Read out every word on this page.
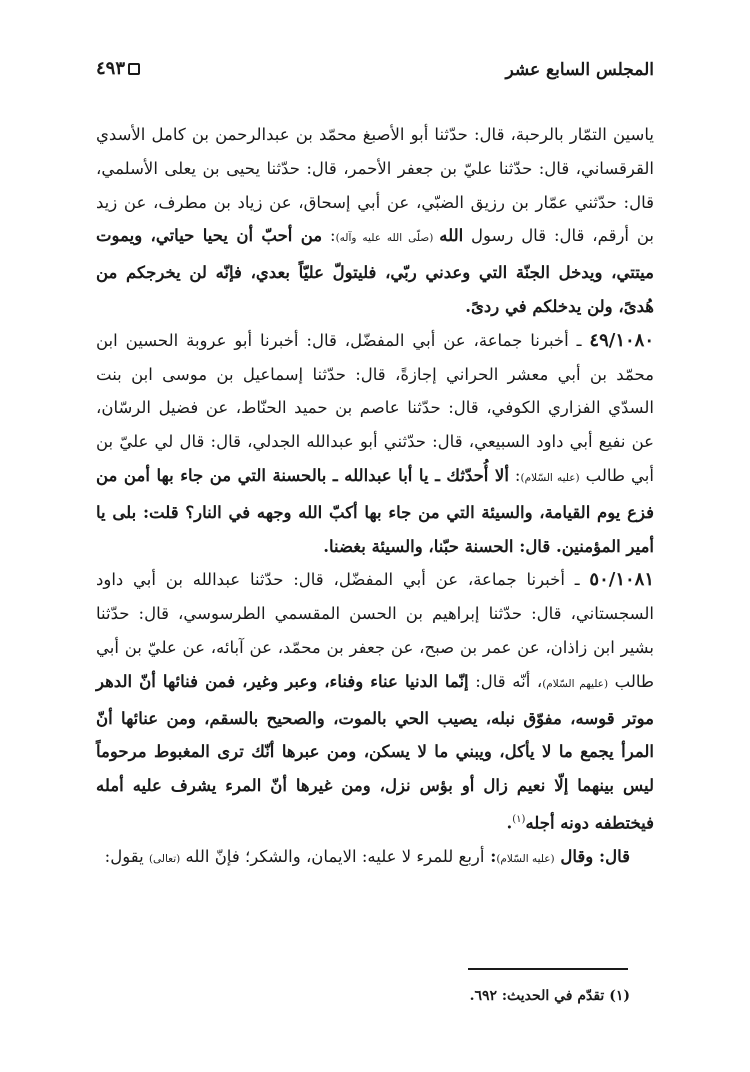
المجلس السابع عشر
٤٩٣

ياسين التمّار بالرحبة، قال: حدّثنا أبو الأصبغ محمّد بن عبدالرحمن بن كامل الأسدي القرقساني، قال: حدّثنا عليّ بن جعفر الأحمر، قال: حدّثنا يحيى بن يعلى الأسلمي، قال: حدّثني عمّار بن رزيق الضبّي، عن أبي إسحاق، عن زياد بن مطرف، عن زيد بن أرقم، قال: قال رسول الله (صلّى الله عليه وآله): من أحبّ أن يحيا حياتي، ويموت ميتتي، ويدخل الجنّة التي وعدني ربّي، فليتولّ عليّاً بعدي، فإنّه لن يخرجكم من هُدىً، ولن يدخلكم في ردىً.

٤٩/١٠٨٠ ـ أخبرنا جماعة، عن أبي المفضّل، قال: أخبرنا أبو عروبة الحسين ابن محمّد بن أبي معشر الحراني إجازةً، قال: حدّثنا إسماعيل بن موسى ابن بنت السدّي الفزاري الكوفي، قال: حدّثنا عاصم بن حميد الحنّاط، عن فضيل الرسّان، عن نفيع أبي داود السبيعي، قال: حدّثني أبو عبدالله الجدلي، قال: قال لي عليّ بن أبي طالب (عليه السّلام): ألا أُحدّثك ـ يا أبا عبدالله ـ بالحسنة التي من جاء بها أمن من فزع يوم القيامة، والسيئة التي من جاء بها أكبّ الله وجهه في النار؟ قلت: بلى يا أمير المؤمنين. قال: الحسنة حبّنا، والسيئة بغضنا.

٥٠/١٠٨١ ـ أخبرنا جماعة، عن أبي المفضّل، قال: حدّثنا عبدالله بن أبي داود السجستاني، قال: حدّثنا إبراهيم بن الحسن المقسمي الطرسوسي، قال: حدّثنا بشير ابن زاذان، عن عمر بن صبح، عن جعفر بن محمّد، عن آبائه، عن عليّ بن أبي طالب (عليهم السّلام)، أنّه قال: إنّما الدنيا عناء وفناء، وعبر وغير، فمن فنائها أنّ الدهر موتر قوسه، مفوّق نبله، يصيب الحي بالموت، والصحيح بالسقم، ومن عنائها أنّ المرأ يجمع ما لا يأكل، ويبني ما لا يسكن، ومن عبرها أنّك ترى المغبوط مرحوماً ليس بينهما إلّا نعيم زال أو بؤس نزل، ومن غيرها أنّ المرء يشرف عليه أمله فيختطفه دونه أجله$^{(١)}$.

قال: وقال (عليه السّلام): أربع للمرء لا عليه: الايمان، والشكر؛ فإنّ الله (تعالى) يقول:

(١) تقدّم في الحديث: ٦٩٢.
